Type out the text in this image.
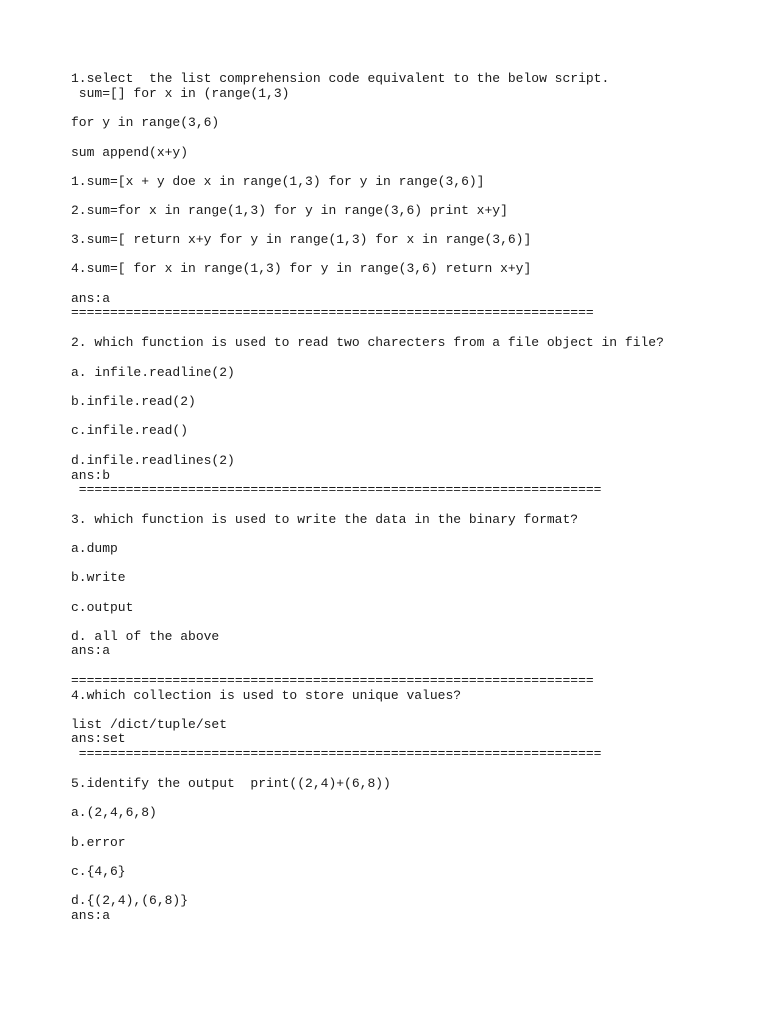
1.select  the list comprehension code equivalent to the below script.

sum=[] for x in (range(1,3)

for y in range(3,6)

sum append(x+y)

1.sum=[x + y doe x in range(1,3) for y in range(3,6)]

2.sum=for x in range(1,3) for y in range(3,6) print x+y]

3.sum=[ return x+y for y in range(1,3) for x in range(3,6)]

4.sum=[ for x in range(1,3) for y in range(3,6) return x+y]

ans:a

===================================================================

2. which function is used to read two charecters from a file object in file?

a. infile.readline(2)

b.infile.read(2)

c.infile.read()

d.infile.readlines(2)

ans:b

===================================================================

3. which function is used to write the data in the binary format?

a.dump

b.write

c.output

d. all of the above

ans:a

===================================================================

4.which collection is used to store unique values?

list /dict/tuple/set

ans:set

===================================================================

5.identify the output  print((2,4)+(6,8))

a.(2,4,6,8)

b.error

c.{4,6}

d.{(2,4),(6,8)}

ans:a
